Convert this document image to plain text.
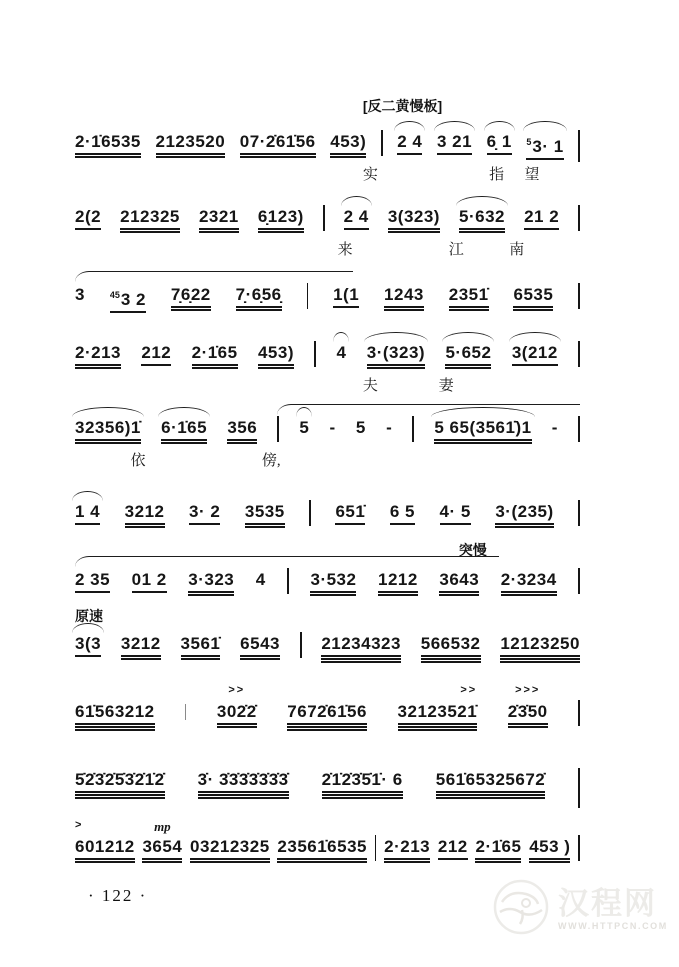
[反二黄慢板]
2·1̇6535 2123520 07·2̇61̇56 453) 2 4 3 21 6̣ 1 $^5$3· 1
实	指 望
2(2 212325 2321 6̣123) 2 4 3(323) 5·632 21 2
来	江	南
3	$^{45}$3 2 7̣6̣22 7̣·6̣56̣	1(1 1243 2351̇ 6535
2·213 212 2·1̇65 453) 4 3·(323) 5·652 3(212
夫	妻
32356)1̇ 6·1̇65 356 5 - 5 - 5 65(3561̇)1 -
依	傍,
1 4 3212 3· 2 3535	651̇ 6 5 4· 5 3·(235)
突慢
2 35 01 2 3·323 4	3·532 1212 3643 2·3234
原速
3(3 3212 3561̇ 6543 21234323 566532 12123250
61̇563212
>>
302̇2̇ 7672̇61̇56
>>
32123521̇
>>>
2̇3̇50
5̇2̇3̇2̇5̇3̇2̇1̇2̇ 3̇· 3̇3̇3̇3̇3̇3̇3̇ 2̇1̇2̇3̇5̇1̇· 6 561̇65325672̇
>
601212
mp
3654 03212325 23561̇6535 2·213 212 2·1̇65 453 )
· 122 ·	汉程网
WWW.HTTPCN.COM
